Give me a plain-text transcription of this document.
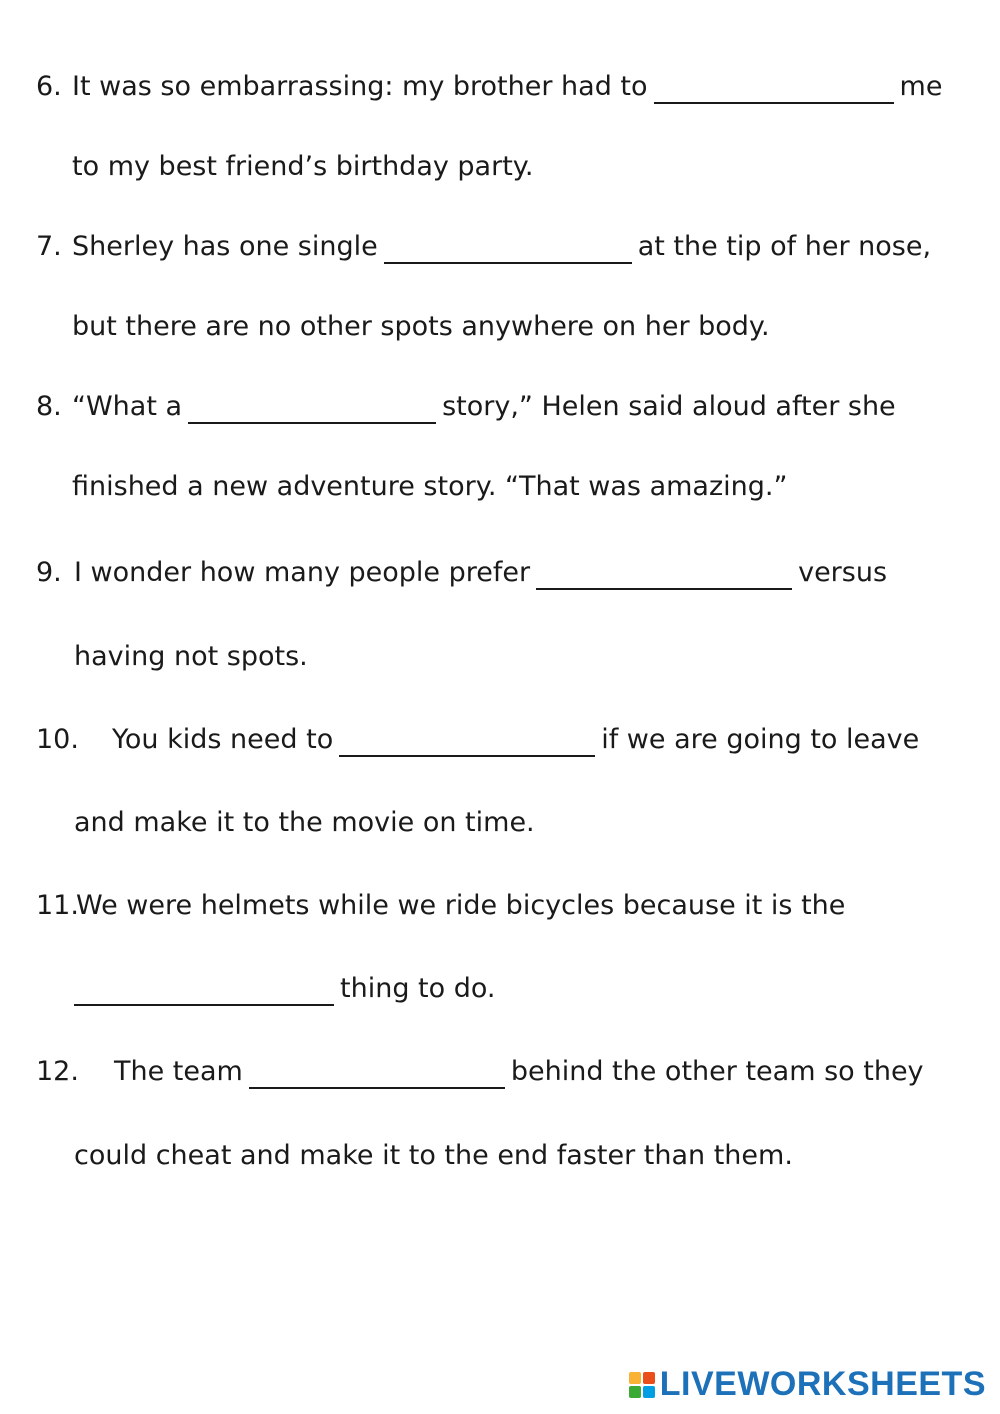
6. It was so embarrassing: my brother had to	me
to my best friend’s birthday party.
7. Sherley has one single	at the tip of her nose,
but there are no other spots anywhere on her body.
8. “What a	story,” Helen said aloud after she
finished a new adventure story. “That was amazing.”
9. I wonder how many people prefer	versus
having not spots.
10. You kids need to	if we are going to leave
and make it to the movie on time.
11.
We were helmets while we ride bicycles because it is the
thing to do.
12. The team	behind the other team so they
could cheat and make it to the end faster than them.
LIVEWORKSHEETS
